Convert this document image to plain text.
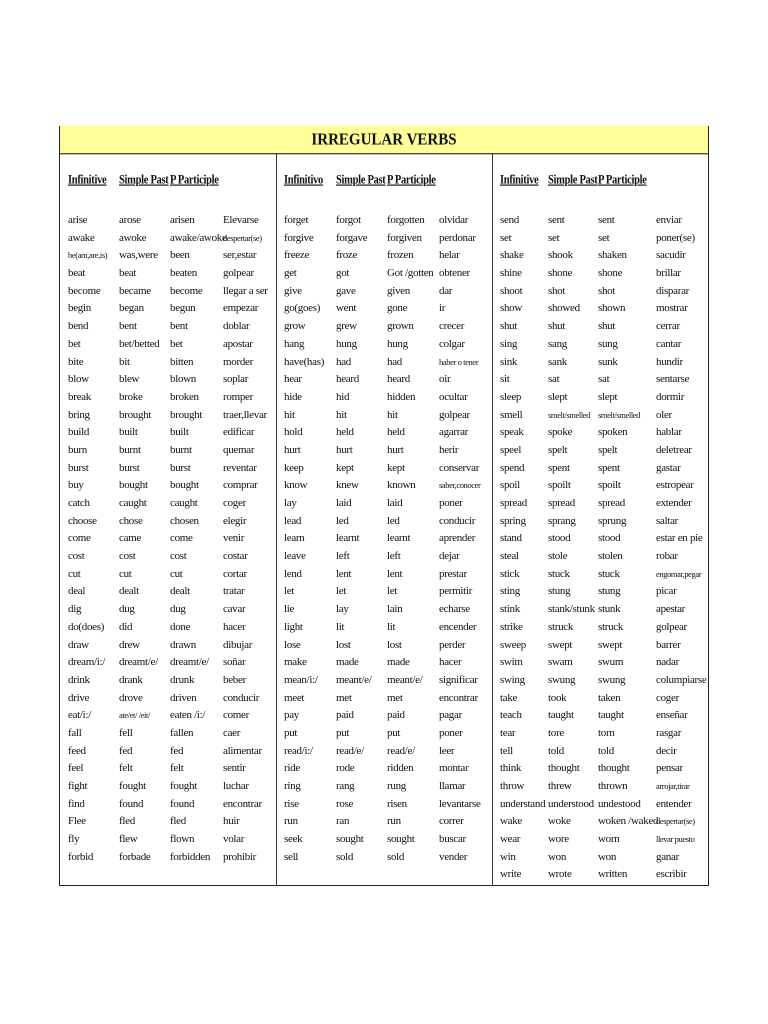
IRREGULAR VERBS
Infinitive Simple Past P Participle
arise
awake
be(am,are,is)
beat
become
begin
bend
bet
bite
blow
break
bring
build
burn
burst
buy
catch
choose
come
cost
cut
deal
dig
do(does)
draw
dream/i:/
drink
drive
eat/i:/
fall
feed
feel
fight
find
Flee
fly
forbid
arose
awoke
was,were
beat
became
began
bent
bet/betted
bit
blew
broke
brought
built
burnt
burst
bought
caught
chose
came
cost
cut
dealt
dug
did
drew
dreamt/e/
drank
drove
ate/et/ /eit/
fell
fed
felt
fought
found
fled
flew
forbade
arisen
awake/awoke
been
beaten
become
begun
bent
bet
bitten
blown
broken
brought
built
burnt
burst
bought
caught
chosen
come
cost
cut
dealt
dug
done
drawn
dreamt/e/
drunk
driven
eaten /i:/
fallen
fed
felt
fought
found
fled
flown
forbidden
Elevarse
despertar(se)
ser,estar
golpear
llegar a ser
empezar
doblar
apostar
morder
soplar
romper
traer,llevar
edificar
quemar
reventar
comprar
coger
elegir
venir
costar
cortar
tratar
cavar
hacer
dibujar
soñar
beber
conducir
comer
caer
alimentar
sentir
luchar
encontrar
huir
volar
prohibir
Infinitivo Simple Past P Participle
forget
forgive
freeze
get
give
go(goes)
grow
hang
have(has)
hear
hide
hit
hold
hurt
keep
know
lay
lead
learn
leave
lend
let
lie
light
lose
make
mean/i:/
meet
pay
put
read/i:/
ride
ring
rise
run
seek
sell
forgot
forgave
froze
got
gave
went
grew
hung
had
heard
hid
hit
held
hurt
kept
knew
laid
led
learnt
left
lent
let
lay
lit
lost
made
meant/e/
met
paid
put
read/e/
rode
rang
rose
ran
sought
sold
forgotten
forgiven
frozen
Got /gotten
given
gone
grown
hung
had
heard
hidden
hit
held
hurt
kept
known
laid
led
learnt
left
lent
let
lain
lit
lost
made
meant/e/
met
paid
put
read/e/
ridden
rung
risen
run
sought
sold
olvidar
perdonar
helar
obtener
dar
ir
crecer
colgar
haber o tener
oir
ocultar
golpear
agarrar
herir
conservar
saber,conocer
poner
conducir
aprender
dejar
prestar
permitir
echarse
encender
perder
hacer
significar
encontrar
pagar
poner
leer
montar
llamar
levantarse
correr
buscar
vender
Infinitive Simple Past P Participle
send
set
shake
shine
shoot
show
shut
sing
sink
sit
sleep
smell
speak
speel
spend
spoil
spread
spring
stand
steal
stick
sting
stink
strike
sweep
swim
swing
take
teach
tear
tell
think
throw
understand
wake
wear
win
write
sent
set
shook
shone
shot
showed
shut
sang
sank
sat
slept
smelt/smelled
spoke
spelt
spent
spoilt
spread
sprang
stood
stole
stuck
stung
stank/stunk
struck
swept
swam
swung
took
taught
tore
told
thought
threw
understood
woke
wore
won
wrote
sent
set
shaken
shone
shot
shown
shut
sung
sunk
sat
slept
smelt/smelled
spoken
spelt
spent
spoilt
spread
sprung
stood
stolen
stuck
stung
stunk
struck
swept
swum
swung
taken
taught
torn
told
thought
thrown
undestood
woken /waked
worn
won
written
enviar
poner(se)
sacudir
brillar
disparar
mostrar
cerrar
cantar
hundir
sentarse
dormir
oler
hablar
deletrear
gastar
estropear
extender
saltar
estar en pie
robar
engomar,pegar
picar
apestar
golpear
barrer
nadar
columpiarse
coger
enseñar
rasgar
decir
pensar
arrojar,tirar
entender
despertar(se)
llevar puesto
ganar
escribir
